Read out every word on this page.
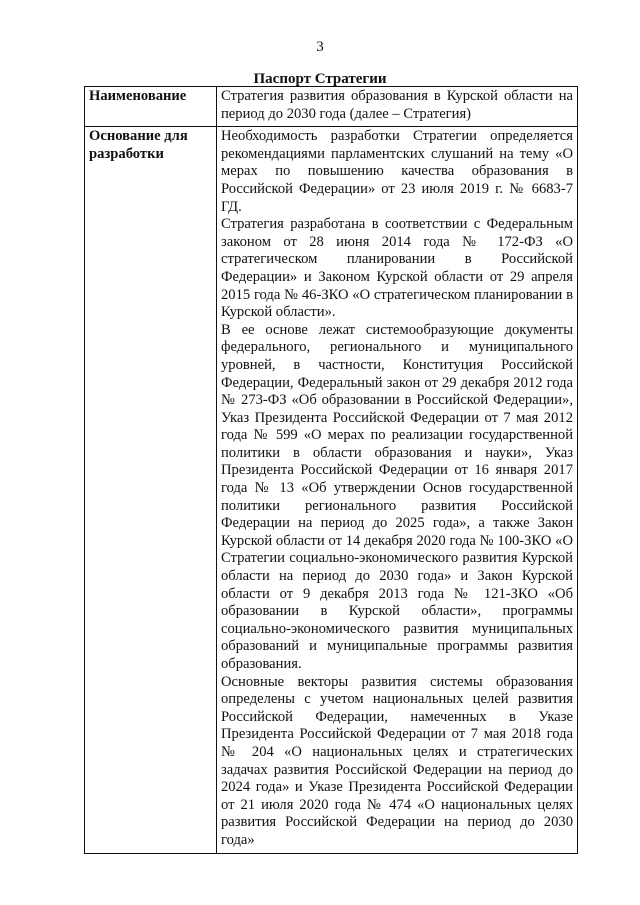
3
Паспорт Стратегии
Наименование	Стратегия развития образования в Курской области на период до 2030 года (далее – Стратегия)

Основание для разработки	Необходимость разработки Стратегии определяется рекомендациями парламентских слушаний на тему «О мерах по повышению качества образования в Российской Федерации» от 23 июля 2019 г. № 6683-7 ГД.

Стратегия разработана в соответствии с Федеральным законом от 28 июня 2014 года № 172-ФЗ «О стратегическом планировании в Российской Федерации» и Законом Курской области от 29 апреля 2015 года № 46-ЗКО «О стратегическом планировании в Курской области».

В ее основе лежат системообразующие документы федерального, регионального и муниципального уровней, в частности, Конституция Российской Федерации, Федеральный закон от 29 декабря 2012 года № 273-ФЗ «Об образовании в Российской Федерации», Указ Президента Российской Федерации от 7 мая 2012 года № 599 «О мерах по реализации государственной политики в области образования и науки», Указ Президента Российской Федерации от 16 января 2017 года № 13 «Об утверждении Основ государственной политики регионального развития Российской Федерации на период до 2025 года», а также Закон Курской области от 14 декабря 2020 года № 100-ЗКО «О Стратегии социально-экономического развития Курской области на период до 2030 года» и Закон Курской области от 9 декабря 2013 года № 121-ЗКО «Об образовании в Курской области», программы социально-экономического развития муниципальных образований и муниципальные программы развития образования.

Основные векторы развития системы образования определены с учетом национальных целей развития Российской Федерации, намеченных в Указе Президента Российской Федерации от 7 мая 2018 года № 204 «О национальных целях и стратегических задачах развития Российской Федерации на период до 2024 года» и Указе Президента Российской Федерации от 21 июля 2020 года № 474 «О национальных целях развития Российской Федерации на период до 2030 года»
